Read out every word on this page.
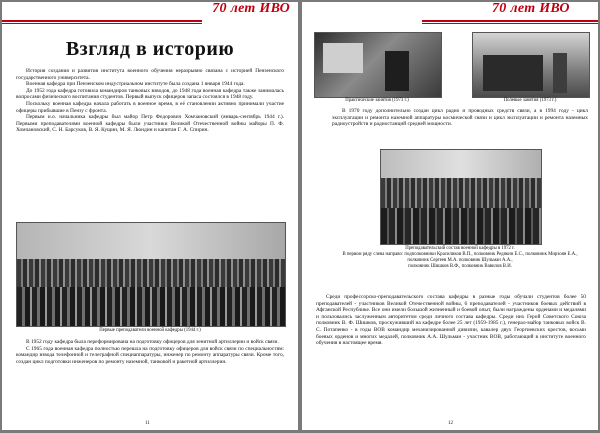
70 лет ИВО
Взгляд в историю

История создания и развития института военного обучения неразрывно связана с историей Пензенского государственного университета.

Военная кафедра при Пензенском индустриальном институте была создана 1 января 1944 года.

До 1952 года кафедра готовила командиров танковых взводов, до 1948 года военная кафедра также занималась вопросами физического воспитания студентов. Первый выпуск офицеров запаса состоялся в 1948 году.

Поскольку военная кафедра начала работать в военное время, в её становлении активно принимали участие офицеры прибывшие в Пензу с фронта.

Первым и.о. начальника кафедры был майор Петр Федорович Хомчановский (январь-сентябрь 1944 г.). Первыми преподавателями военной кафедры были участники Великой Отечественной войны майоры П. Ф. Хомчановский, С. Н. Барсуков, В. Я. Кущин, М. Я. Люндин и капитан Г. А. Спирин.

Первые преподаватели военной кафедры (1944 г.)

В 1952 году кафедра была переформирована на подготовку офицеров для зенитной артиллерии и войск связи.

С 1965 года военная кафедра полностью перешла на подготовку офицеров для войск связи по специальностям: командир взвода телефонной и телеграфной специаппаратуры, инженер по ремонту аппаратуры связи. Кроме того, создан цикл подготовки инженеров по ремонту наземной, танковой и ракетной артиллерии.

11
70 лет ИВО
Практические занятия (1973 г.)	Полевые занятия (1973 г.)

В 1970 году дополнительно создан цикл радио и проводных средств связи, а в 1994 году - цикл эксплуатации и ремонта наземной аппаратуры космической связи и цикл эксплуатации и ремонта наземных радиоустройств и радиостанций средней мощности.

Преподавательский состав военной кафедры в 1972 г.
В первом ряду слева направо: подполковники Красиликов В.П., полковник Редякин Е.С., полковник Мирзоян Е.А., полковник Сергеев М.А. полковник Шульман А.А.,
полковник Шишков В.Ф., полковник Вавилов В.И.

Среди профессорско-преподавательского состава кафедры в разные годы обучали студентов более 50 преподавателей - участников Великой Отечественной войны, 6 преподавателей - участников боевых действий в Афганской Республике. Все они имели большой жизненный и боевой опыт, были награждены орденами и медалями и пользовались заслуженным авторитетом среди личного состава кафедры. Среди них Герой Советского Союза полковник В. Ф. Шишков, проскуживший на кафедре более 25 лет (1959-1985 г.), генерал-майор танковых войск В. С. Потапенко - в годы ВОВ командир механизированной дивизии, кавалер двух Георгиевских крестов, восьми боевых орденов и многих медалей, полковник А.А. Шульман - участник ВОВ, работающий в институте военного обучения в настоящее время.

12
